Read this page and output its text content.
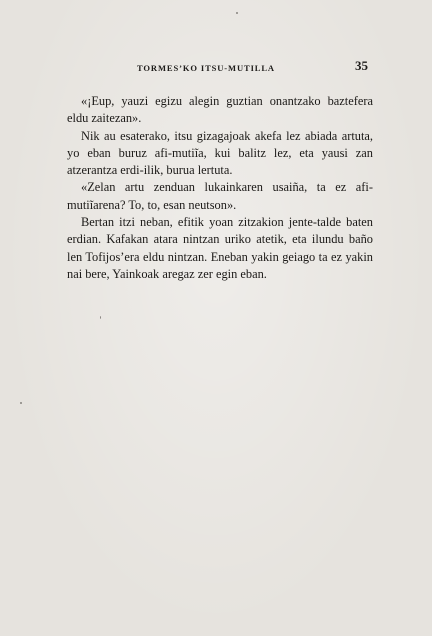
TORMES’KO ITSU-MUTILLA	35

«¡Eup, yauzi egizu alegin guztian onantzako baztefera eldu zaitezan».

Nik au esaterako, itsu gizagajoak akefa lez abiada artuta, yo eban buruz afi-mutiĩa, kui balitz lez, eta yausi zan atzerantza erdi-ilik, burua lertuta.

«Zelan artu zenduan lukainkaren usaiña, ta ez afi-mutiĩarena? To, to, esan neutson».

Bertan itzi neban, efitik yoan zitzakion jente-talde baten erdian. Kafakan atara nintzan uriko atetik, eta ilundu baño len Tofijos’era eldu nintzan. Eneban yakin geiago ta ez yakin nai bere, Yainkoak aregaz zer egin eban.
